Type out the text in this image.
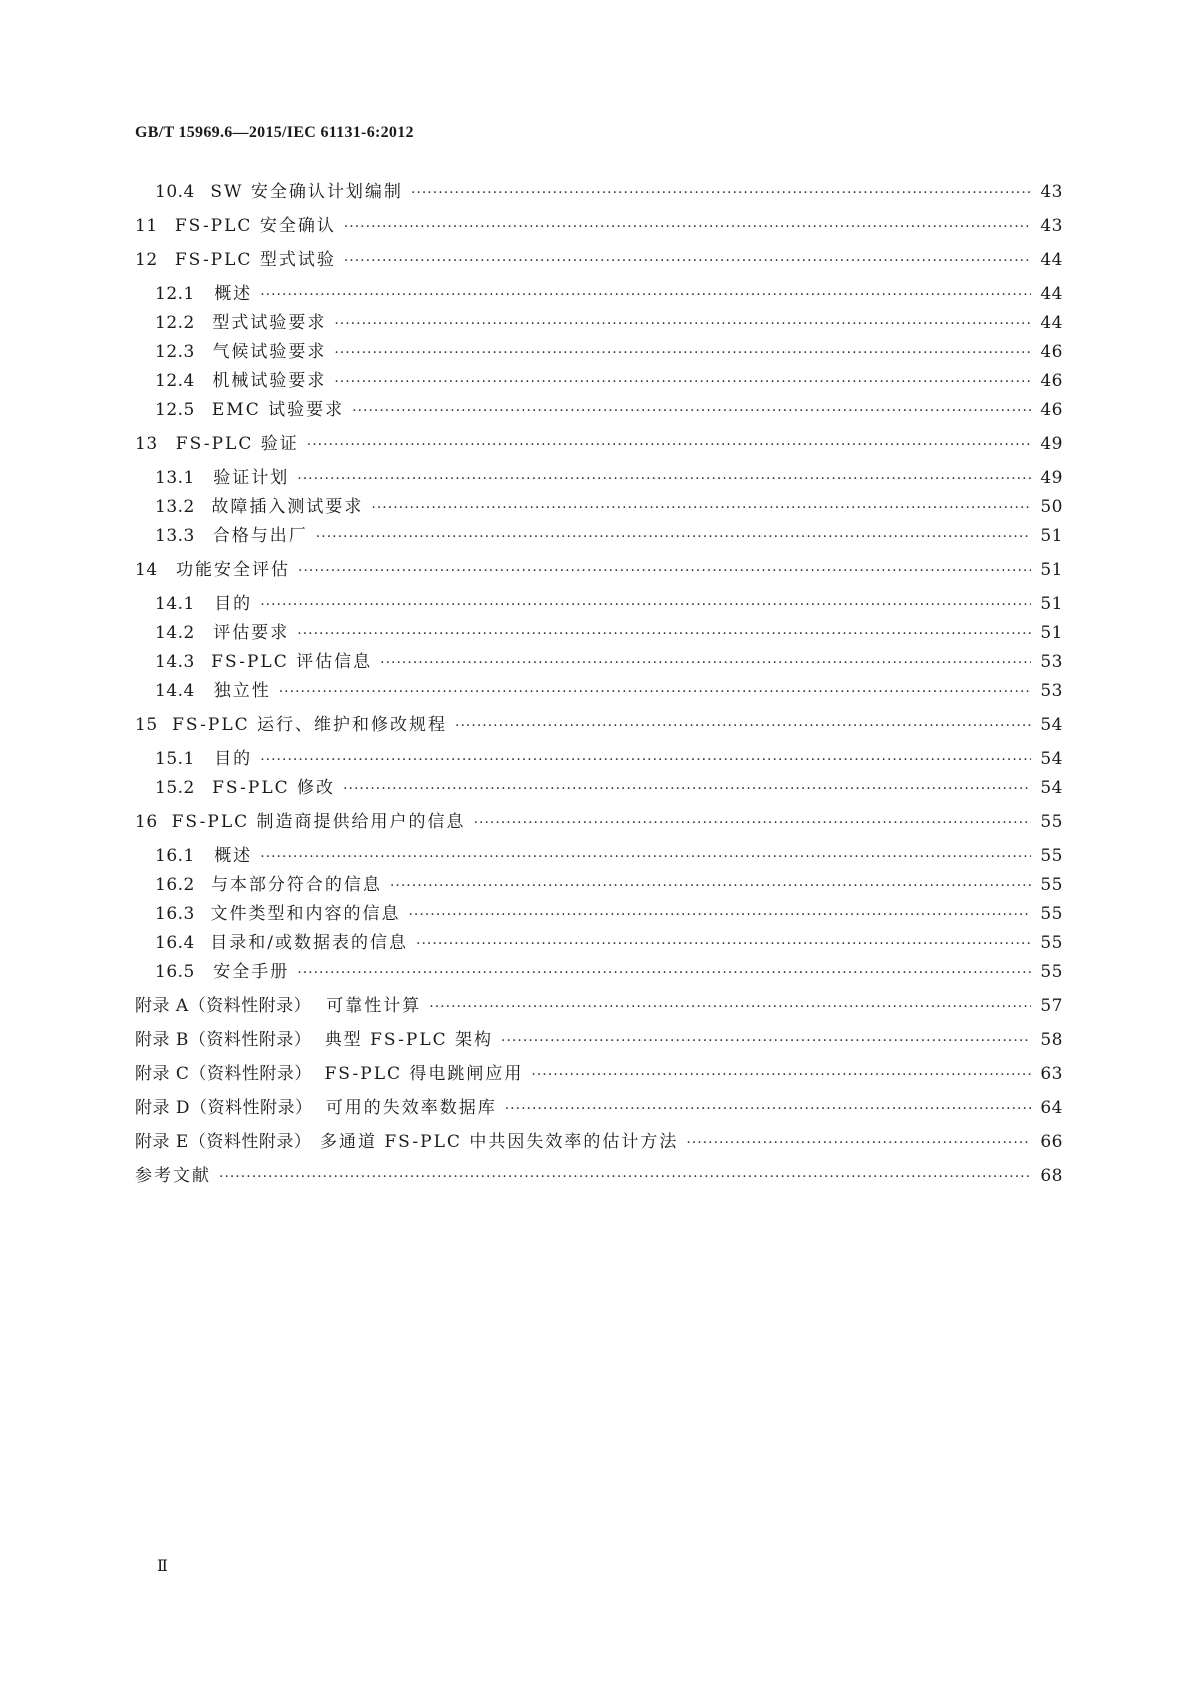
GB/T 15969.6—2015/IEC 61131-6:2012
10.4 SW 安全确认计划编制 ·····	43
11 FS-PLC 安全确认 ·····	43
12 FS-PLC 型式试验 ·····	44
12.1 概述 ·····	44
12.2 型式试验要求 ·····	44
12.3 气候试验要求 ·····	46
12.4 机械试验要求 ·····	46
12.5 EMC 试验要求 ·····	46
13 FS-PLC 验证 ·····	49
13.1 验证计划 ·····	49
13.2 故障插入测试要求 ·····	50
13.3 合格与出厂 ·····	51
14 功能安全评估 ·····	51
14.1 目的 ·····	51
14.2 评估要求 ·····	51
14.3 FS-PLC 评估信息 ·····	53
14.4 独立性 ·····	53
15 FS-PLC 运行、维护和修改规程 ·····	54
15.1 目的 ·····	54
15.2 FS-PLC 修改 ·····	54
16 FS-PLC 制造商提供给用户的信息 ·····	55
16.1 概述 ·····	55
16.2 与本部分符合的信息 ·····	55
16.3 文件类型和内容的信息 ·····	55
16.4 目录和/或数据表的信息 ·····	55
16.5 安全手册 ·····	55
附录 A（资料性附录） 可靠性计算 ·····	57
附录 B（资料性附录） 典型 FS-PLC 架构 ·····	58
附录 C（资料性附录） FS-PLC 得电跳闸应用 ·····	63
附录 D（资料性附录） 可用的失效率数据库 ·····	64
附录 E（资料性附录） 多通道 FS-PLC 中共因失效率的估计方法 ·····	66
参考文献 ·····	68
Ⅱ
